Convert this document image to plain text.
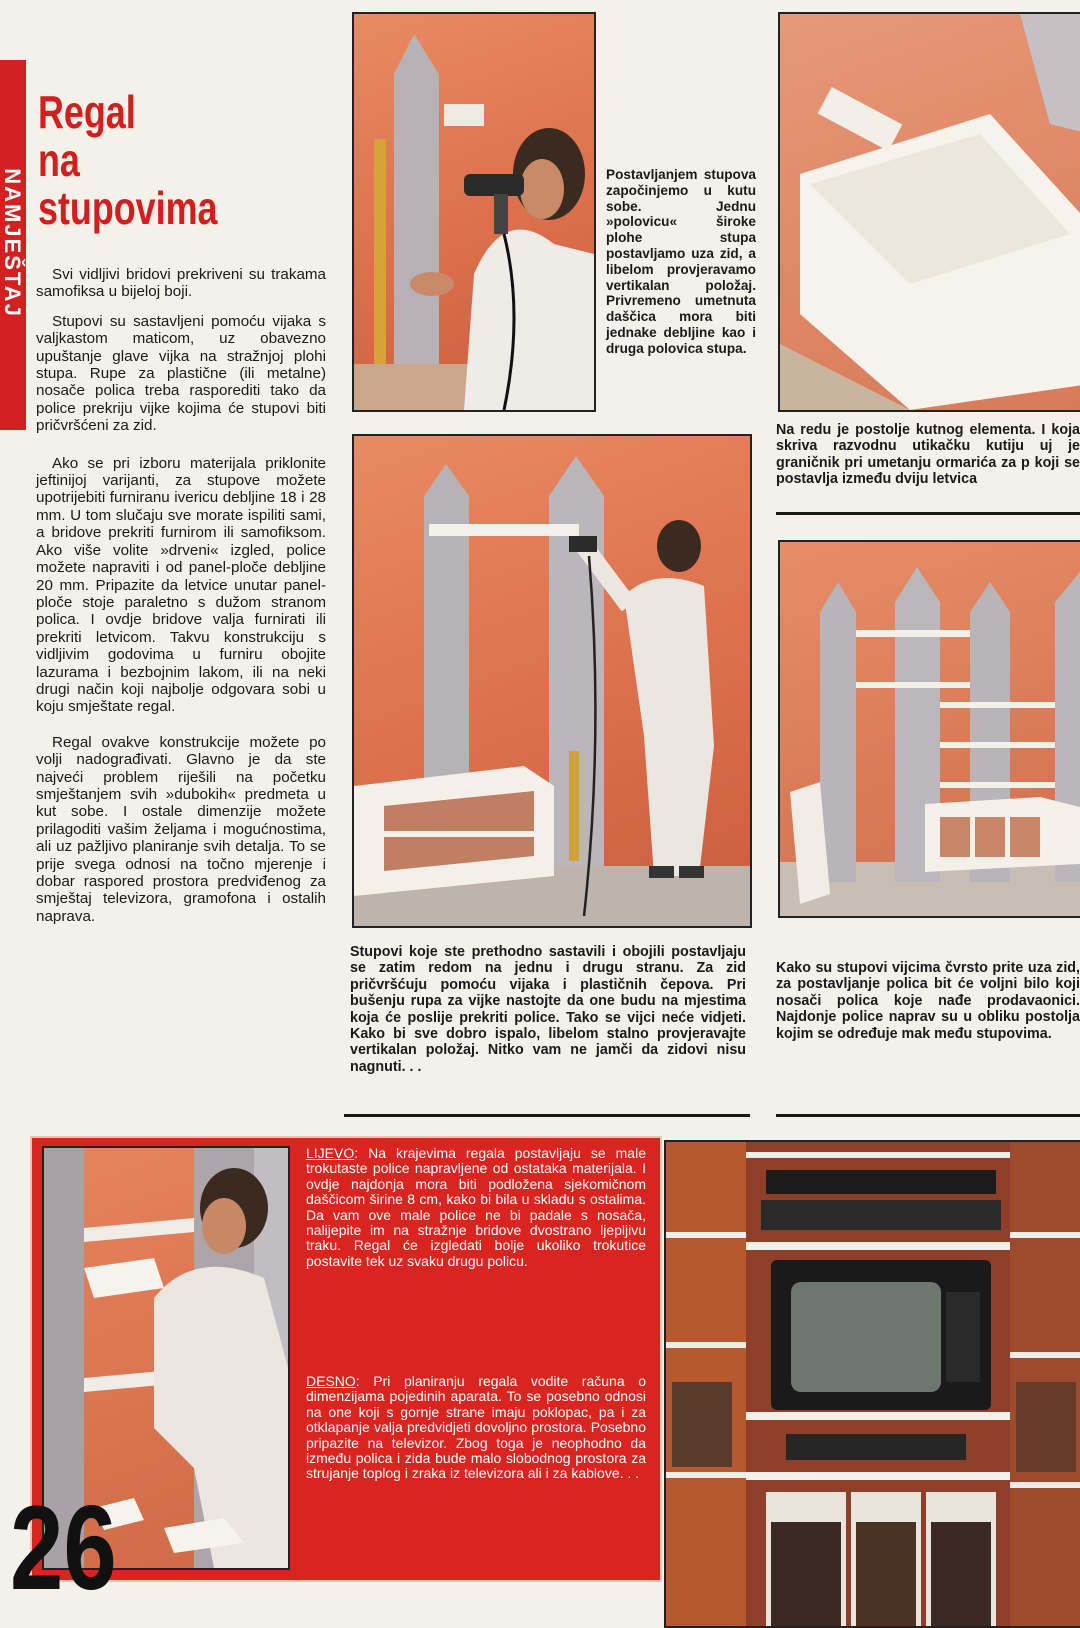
NAMJEŠTAJ
Regal
na
stupovima

Svi vidljivi bridovi prekriveni su trakama samofiksa u bijeloj boji.

Stupovi su sastavljeni pomoću vijaka s valjkastom maticom, uz obavezno upuštanje glave vijka na stražnjoj plohi stupa. Rupe za plastične (ili metalne) nosače polica treba rasporediti tako da police prekriju vijke kojima će stupovi biti pričvršćeni za zid.

Ako se pri izboru materijala priklonite jeftinijoj varijanti, za stupove možete upotrijebiti furniranu ivericu debljine 18 i 28 mm. U tom slučaju sve morate ispiliti sami, a bridove prekriti furnirom ili samofiksom. Ako više volite »drveni« izgled, police možete napraviti i od panel-ploče debljine 20 mm. Pripazite da letvice unutar panel-ploče stoje paraletno s dužom stranom polica. I ovdje bridove valja furnirati ili prekriti letvicom. Takvu konstrukciju s vidljivim godovima u furniru obojite lazurama i bezbojnim lakom, ili na neki drugi način koji najbolje odgovara sobi u koju smještate regal.

Regal ovakve konstrukcije možete po volji nadograđivati. Glavno je da ste najveći problem riješili na početku smještanjem svih »dubokih« predmeta u kut sobe. I ostale dimenzije možete prilagoditi vašim željama i mogućnostima, ali uz pažljivo planiranje svih detalja. To se prije svega odnosi na točno mjerenje i dobar raspored prostora predviđenog za smještaj televizora, gramofona i ostalih naprava.

Postavljanjem stupova započinjemo u kutu sobe. Jednu »polovicu« široke plohe stupa postavljamo uza zid, a libelom provjeravamo vertikalan položaj. Privremeno umetnuta daščica mora biti jednake debljine kao i druga polovica stupa.
Na redu je postolje kutnog elementa. I koja skriva razvodnu utikačku kutiju uj je graničnik pri umetanju ormarića za p koji se postavlja između dviju letvica
Stupovi koje ste prethodno sastavili i obojili postavljaju se zatim redom na jednu i drugu stranu. Za zid pričvršćuju pomoću vijaka i plastičnih čepova. Pri bušenju rupa za vijke nastojte da one budu na mjestima koja će poslije prekriti police. Tako se vijci neće vidjeti. Kako bi sve dobro ispalo, libelom stalno provjeravajte vertikalan položaj. Nitko vam ne jamči da zidovi nisu nagnuti. . .
Kako su stupovi vijcima čvrsto prite uza zid, za postavljanje polica bit će voljni bilo koji nosači polica koje nađe prodavaonici. Najdonje police naprav su u obliku postolja kojim se određuje mak među stupovima.
LIJEVO: Na krajevima regala postavljaju se male trokutaste police napravljene od ostataka materijala. I ovdje najdonja mora biti podložena sjekomičnom daščicom širine 8 cm, kako bi bila u skladu s ostalima. Da vam ove male police ne bi padale s nosača, nalijepite im na stražnje bridove dvostrano ljepljivu traku. Regal će izgledati bolje ukoliko trokutice postavite tek uz svaku drugu policu.
DESNO: Pri planiranju regala vodite računa o dimenzijama pojedinih aparata. To se posebno odnosi na one koji s gornje strane imaju poklopac, pa i za otklapanje valja predvidjeti dovoljno prostora. Posebno pripazite na televizor. Zbog toga je neophodno da između polica i zida bude malo slobodnog prostora za strujanje toplog i zraka iz televizora ali i za kablove. . .
26
